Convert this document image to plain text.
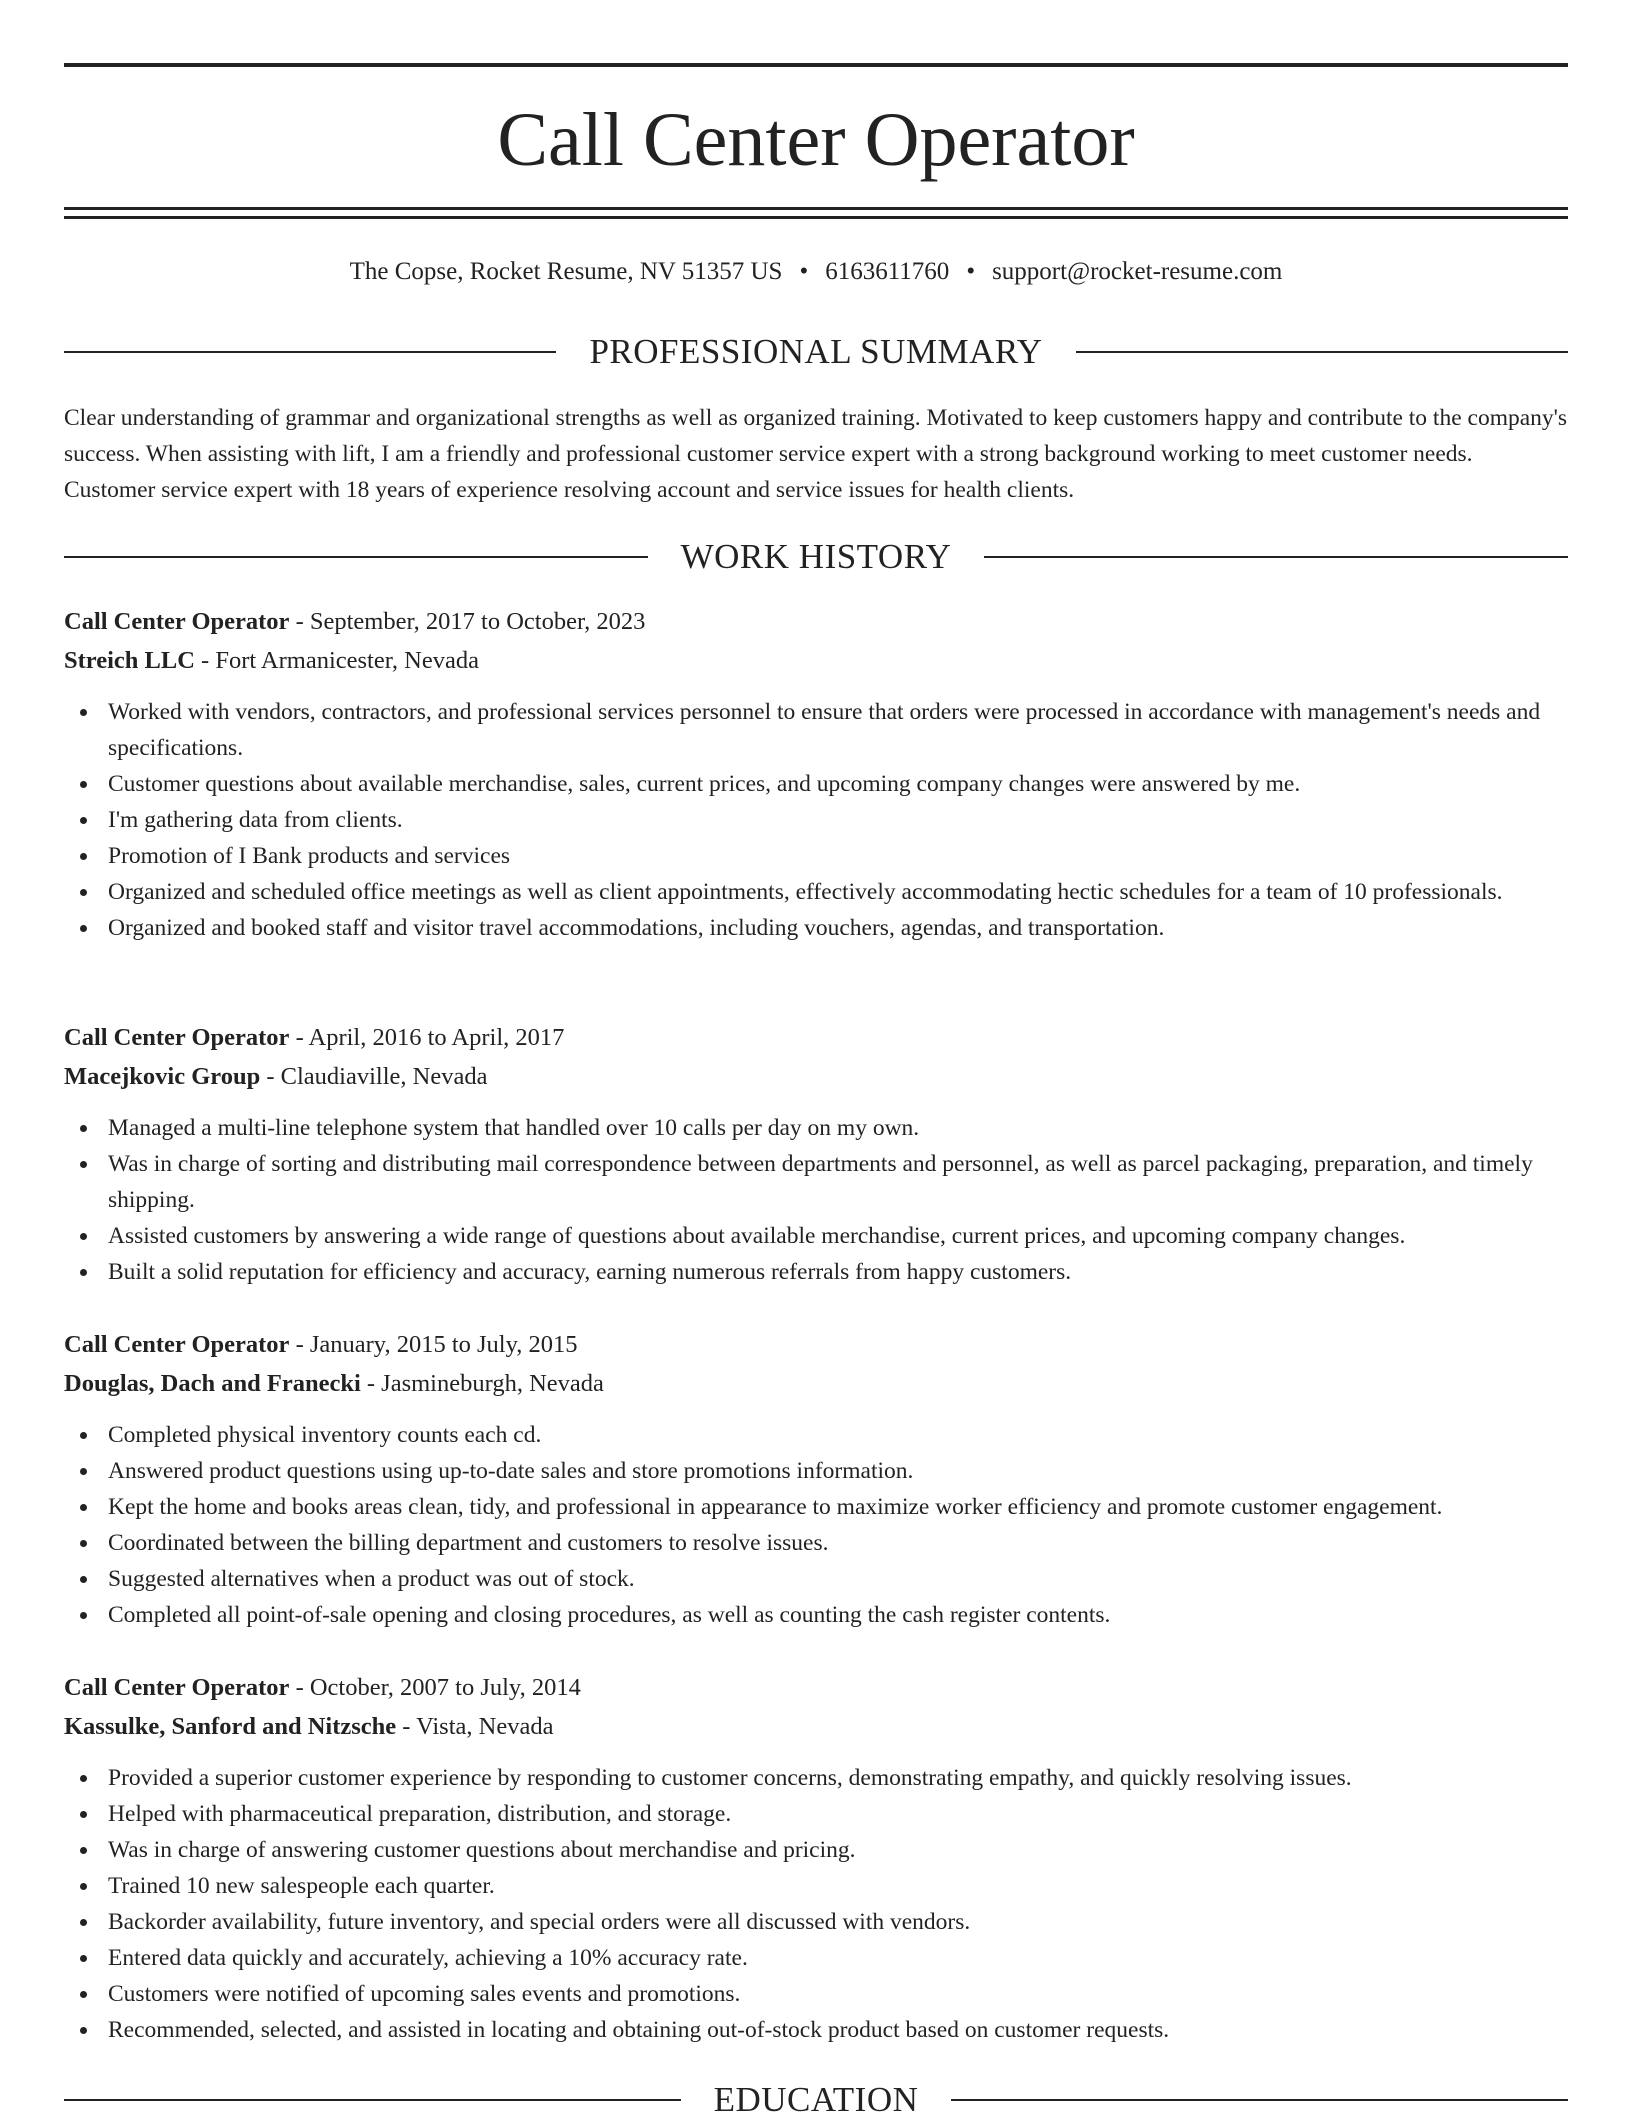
Call Center Operator
The Copse, Rocket Resume, NV 51357 US • 6163611760 • support@rocket-resume.com
PROFESSIONAL SUMMARY

Clear understanding of grammar and organizational strengths as well as organized training. Motivated to keep customers happy and contribute to the company's success. When assisting with lift, I am a friendly and professional customer service expert with a strong background working to meet customer needs. Customer service expert with 18 years of experience resolving account and service issues for health clients.

WORK HISTORY

Call Center Operator - September, 2017 to October, 2023

Streich LLC - Fort Armanicester, Nevada

Worked with vendors, contractors, and professional services personnel to ensure that orders were processed in accordance with management's needs and specifications.
Customer questions about available merchandise, sales, current prices, and upcoming company changes were answered by me.
I'm gathering data from clients.
Promotion of I Bank products and services
Organized and scheduled office meetings as well as client appointments, effectively accommodating hectic schedules for a team of 10 professionals.
Organized and booked staff and visitor travel accommodations, including vouchers, agendas, and transportation.

Call Center Operator - April, 2016 to April, 2017

Macejkovic Group - Claudiaville, Nevada

Managed a multi-line telephone system that handled over 10 calls per day on my own.
Was in charge of sorting and distributing mail correspondence between departments and personnel, as well as parcel packaging, preparation, and timely shipping.
Assisted customers by answering a wide range of questions about available merchandise, current prices, and upcoming company changes.
Built a solid reputation for efficiency and accuracy, earning numerous referrals from happy customers.

Call Center Operator - January, 2015 to July, 2015

Douglas, Dach and Franecki - Jasmineburgh, Nevada

Completed physical inventory counts each cd.
Answered product questions using up-to-date sales and store promotions information.
Kept the home and books areas clean, tidy, and professional in appearance to maximize worker efficiency and promote customer engagement.
Coordinated between the billing department and customers to resolve issues.
Suggested alternatives when a product was out of stock.
Completed all point-of-sale opening and closing procedures, as well as counting the cash register contents.

Call Center Operator - October, 2007 to July, 2014

Kassulke, Sanford and Nitzsche - Vista, Nevada

Provided a superior customer experience by responding to customer concerns, demonstrating empathy, and quickly resolving issues.
Helped with pharmaceutical preparation, distribution, and storage.
Was in charge of answering customer questions about merchandise and pricing.
Trained 10 new salespeople each quarter.
Backorder availability, future inventory, and special orders were all discussed with vendors.
Entered data quickly and accurately, achieving a 10% accuracy rate.
Customers were notified of upcoming sales events and promotions.
Recommended, selected, and assisted in locating and obtaining out-of-stock product based on customer requests.
EDUCATION
